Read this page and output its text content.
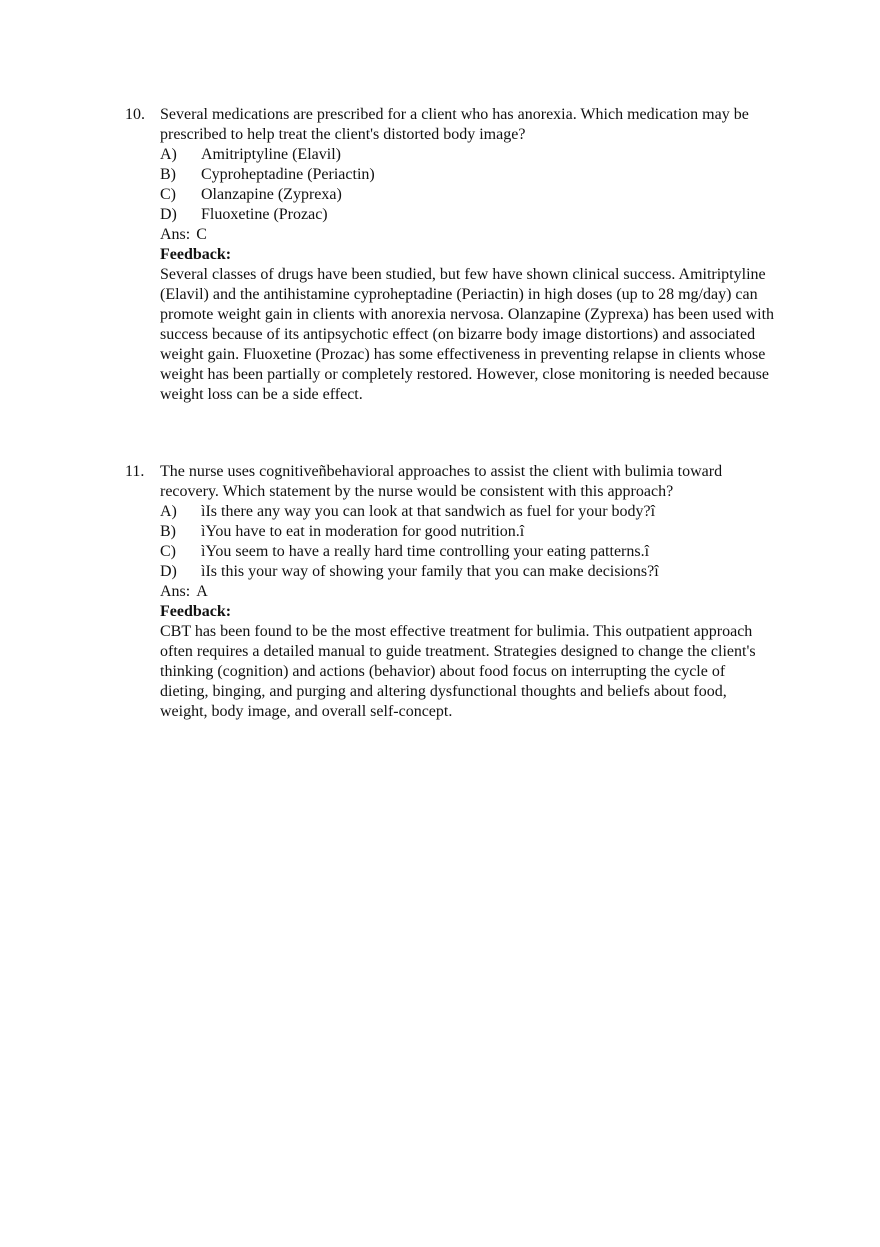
10. Several medications are prescribed for a client who has anorexia. Which medication may be prescribed to help treat the client's distorted body image?

A)	Amitriptyline (Elavil)
B)	Cyproheptadine (Periactin)
C)	Olanzapine (Zyprexa)
D)	Fluoxetine (Prozac)

Ans: C

Feedback:

Several classes of drugs have been studied, but few have shown clinical success. Amitriptyline (Elavil) and the antihistamine cyproheptadine (Periactin) in high doses (up to 28 mg/day) can promote weight gain in clients with anorexia nervosa. Olanzapine (Zyprexa) has been used with success because of its antipsychotic effect (on bizarre body image distortions) and associated weight gain. Fluoxetine (Prozac) has some effectiveness in preventing relapse in clients whose weight has been partially or completely restored. However, close monitoring is needed because weight loss can be a side effect.

11. The nurse uses cognitiveñbehavioral approaches to assist the client with bulimia toward recovery. Which statement by the nurse would be consistent with this approach?

A)	ìIs there any way you can look at that sandwich as fuel for your body?î
B)	ìYou have to eat in moderation for good nutrition.î
C)	ìYou seem to have a really hard time controlling your eating patterns.î
D)	ìIs this your way of showing your family that you can make decisions?î

Ans: A

Feedback:

CBT has been found to be the most effective treatment for bulimia. This outpatient approach often requires a detailed manual to guide treatment. Strategies designed to change the client's thinking (cognition) and actions (behavior) about food focus on interrupting the cycle of dieting, binging, and purging and altering dysfunctional thoughts and beliefs about food, weight, body image, and overall self-concept.
